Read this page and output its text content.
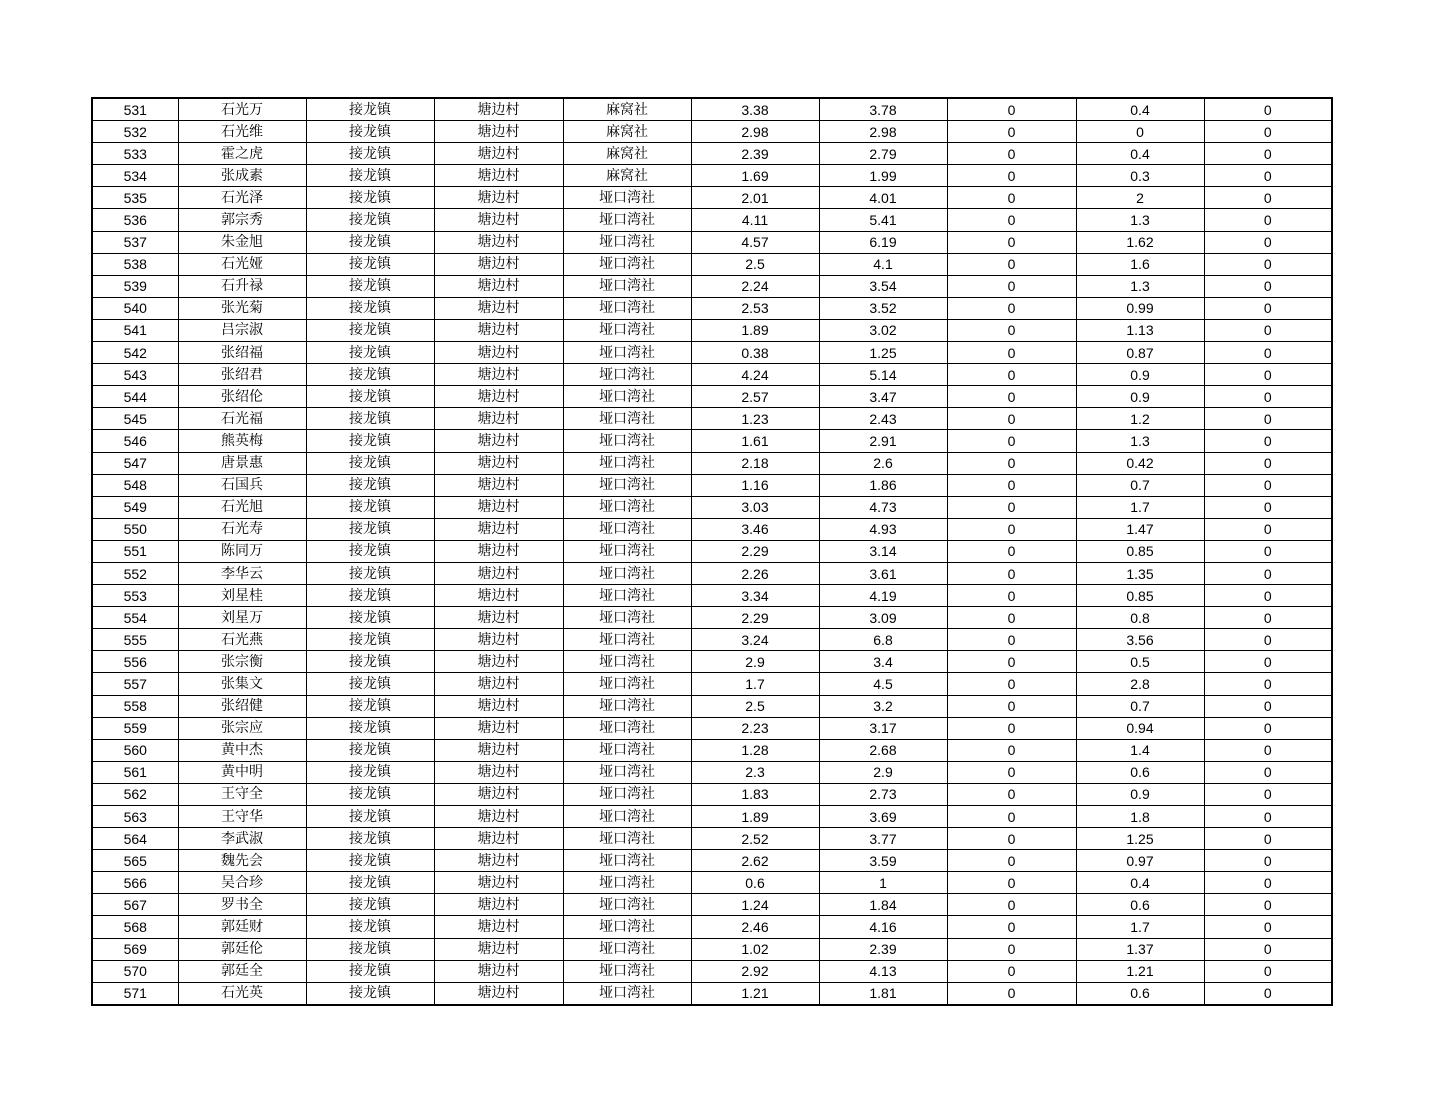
531	石光万	接龙镇	塘边村	麻窝社	3.38	3.78	0	0.4	0
532	石光维	接龙镇	塘边村	麻窝社	2.98	2.98	0	0	0
533	霍之虎	接龙镇	塘边村	麻窝社	2.39	2.79	0	0.4	0
534	张成素	接龙镇	塘边村	麻窝社	1.69	1.99	0	0.3	0
535	石光泽	接龙镇	塘边村	垭口湾社	2.01	4.01	0	2	0
536	郭宗秀	接龙镇	塘边村	垭口湾社	4.11	5.41	0	1.3	0
537	朱金旭	接龙镇	塘边村	垭口湾社	4.57	6.19	0	1.62	0
538	石光娅	接龙镇	塘边村	垭口湾社	2.5	4.1	0	1.6	0
539	石升禄	接龙镇	塘边村	垭口湾社	2.24	3.54	0	1.3	0
540	张光菊	接龙镇	塘边村	垭口湾社	2.53	3.52	0	0.99	0
541	吕宗淑	接龙镇	塘边村	垭口湾社	1.89	3.02	0	1.13	0
542	张绍福	接龙镇	塘边村	垭口湾社	0.38	1.25	0	0.87	0
543	张绍君	接龙镇	塘边村	垭口湾社	4.24	5.14	0	0.9	0
544	张绍伦	接龙镇	塘边村	垭口湾社	2.57	3.47	0	0.9	0
545	石光福	接龙镇	塘边村	垭口湾社	1.23	2.43	0	1.2	0
546	熊英梅	接龙镇	塘边村	垭口湾社	1.61	2.91	0	1.3	0
547	唐景惠	接龙镇	塘边村	垭口湾社	2.18	2.6	0	0.42	0
548	石国兵	接龙镇	塘边村	垭口湾社	1.16	1.86	0	0.7	0
549	石光旭	接龙镇	塘边村	垭口湾社	3.03	4.73	0	1.7	0
550	石光寿	接龙镇	塘边村	垭口湾社	3.46	4.93	0	1.47	0
551	陈同万	接龙镇	塘边村	垭口湾社	2.29	3.14	0	0.85	0
552	李华云	接龙镇	塘边村	垭口湾社	2.26	3.61	0	1.35	0
553	刘星桂	接龙镇	塘边村	垭口湾社	3.34	4.19	0	0.85	0
554	刘星万	接龙镇	塘边村	垭口湾社	2.29	3.09	0	0.8	0
555	石光燕	接龙镇	塘边村	垭口湾社	3.24	6.8	0	3.56	0
556	张宗衡	接龙镇	塘边村	垭口湾社	2.9	3.4	0	0.5	0
557	张集文	接龙镇	塘边村	垭口湾社	1.7	4.5	0	2.8	0
558	张绍健	接龙镇	塘边村	垭口湾社	2.5	3.2	0	0.7	0
559	张宗应	接龙镇	塘边村	垭口湾社	2.23	3.17	0	0.94	0
560	黄中杰	接龙镇	塘边村	垭口湾社	1.28	2.68	0	1.4	0
561	黄中明	接龙镇	塘边村	垭口湾社	2.3	2.9	0	0.6	0
562	王守全	接龙镇	塘边村	垭口湾社	1.83	2.73	0	0.9	0
563	王守华	接龙镇	塘边村	垭口湾社	1.89	3.69	0	1.8	0
564	李武淑	接龙镇	塘边村	垭口湾社	2.52	3.77	0	1.25	0
565	魏先会	接龙镇	塘边村	垭口湾社	2.62	3.59	0	0.97	0
566	吴合珍	接龙镇	塘边村	垭口湾社	0.6	1	0	0.4	0
567	罗书全	接龙镇	塘边村	垭口湾社	1.24	1.84	0	0.6	0
568	郭廷财	接龙镇	塘边村	垭口湾社	2.46	4.16	0	1.7	0
569	郭廷伦	接龙镇	塘边村	垭口湾社	1.02	2.39	0	1.37	0
570	郭廷全	接龙镇	塘边村	垭口湾社	2.92	4.13	0	1.21	0
571	石光英	接龙镇	塘边村	垭口湾社	1.21	1.81	0	0.6	0
